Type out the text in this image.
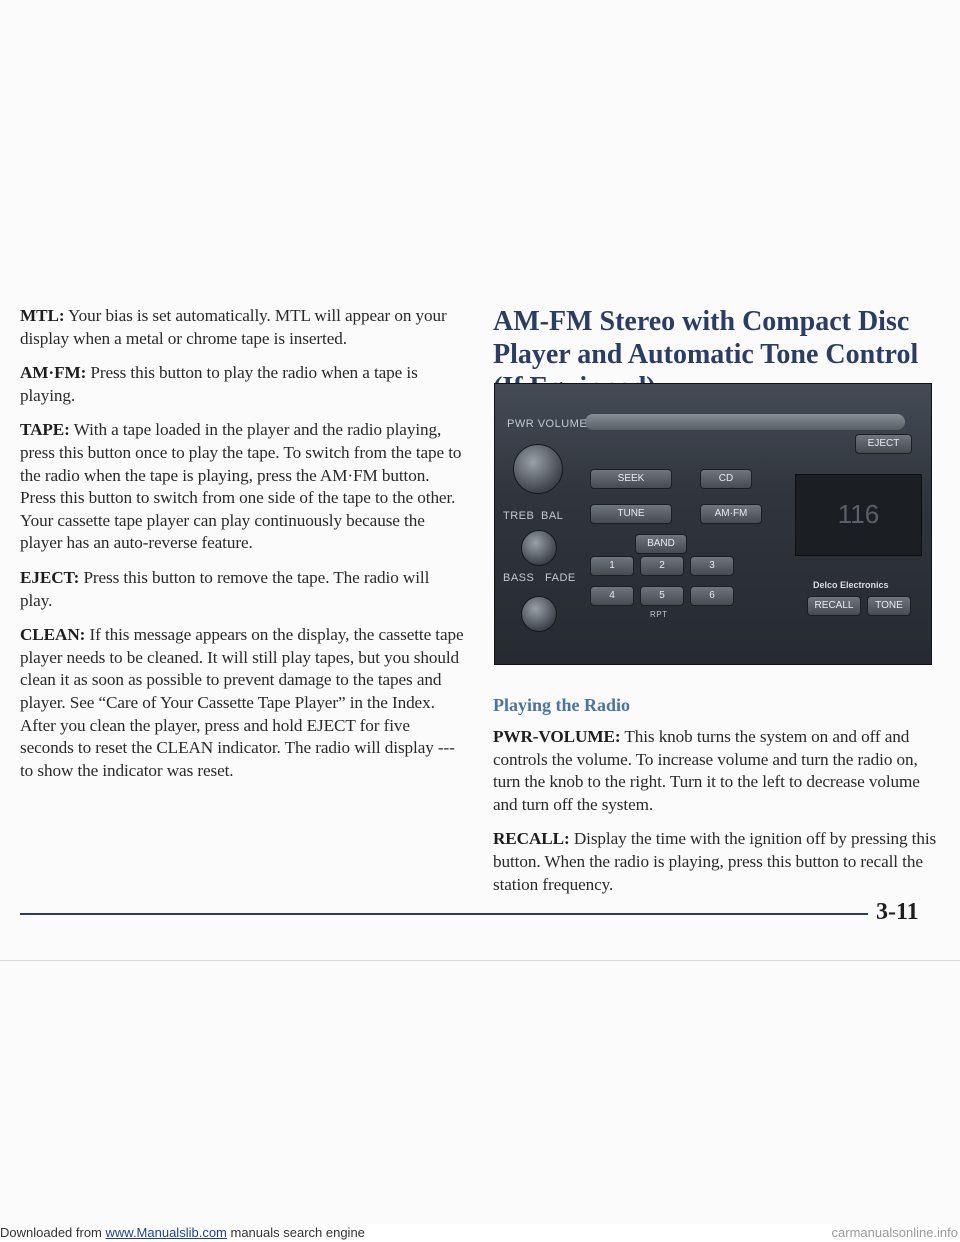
MTL: Your bias is set automatically. MTL will appear on your display when a metal or chrome tape is inserted.

AM·FM: Press this button to play the radio when a tape is playing.

TAPE: With a tape loaded in the player and the radio playing, press this button once to play the tape. To switch from the tape to the radio when the tape is playing, press the AM·FM button. Press this button to switch from one side of the tape to the other. Your cassette tape player can play continuously because the player has an auto-reverse feature.

EJECT: Press this button to remove the tape. The radio will play.

CLEAN: If this message appears on the display, the cassette tape player needs to be cleaned. It will still play tapes, but you should clean it as soon as possible to prevent damage to the tapes and player. See “Care of Your Cassette Tape Player” in the Index. After you clean the player, press and hold EJECT for five seconds to reset the CLEAN indicator. The radio will display --- to show the indicator was reset.

AM-FM Stereo with Compact Disc Player and Automatic Tone Control
PWR VOLUME
TREB BAL
BASS FADE
SEEK
TUNE
CD
AM·FM
BAND
1	2	3
4	5	6
RPT
EJECT
116
Delco Electronics
RECALL	TONE
Playing the Radio

PWR-VOLUME: This knob turns the system on and off and controls the volume. To increase volume and turn the radio on, turn the knob to the right. Turn it to the left to decrease volume and turn off the system.

RECALL: Display the time with the ignition off by pressing this button. When the radio is playing, press this button to recall the station frequency.

3-11
Downloaded from www.Manualslib.com manuals search engine	carmanualsonline.info
